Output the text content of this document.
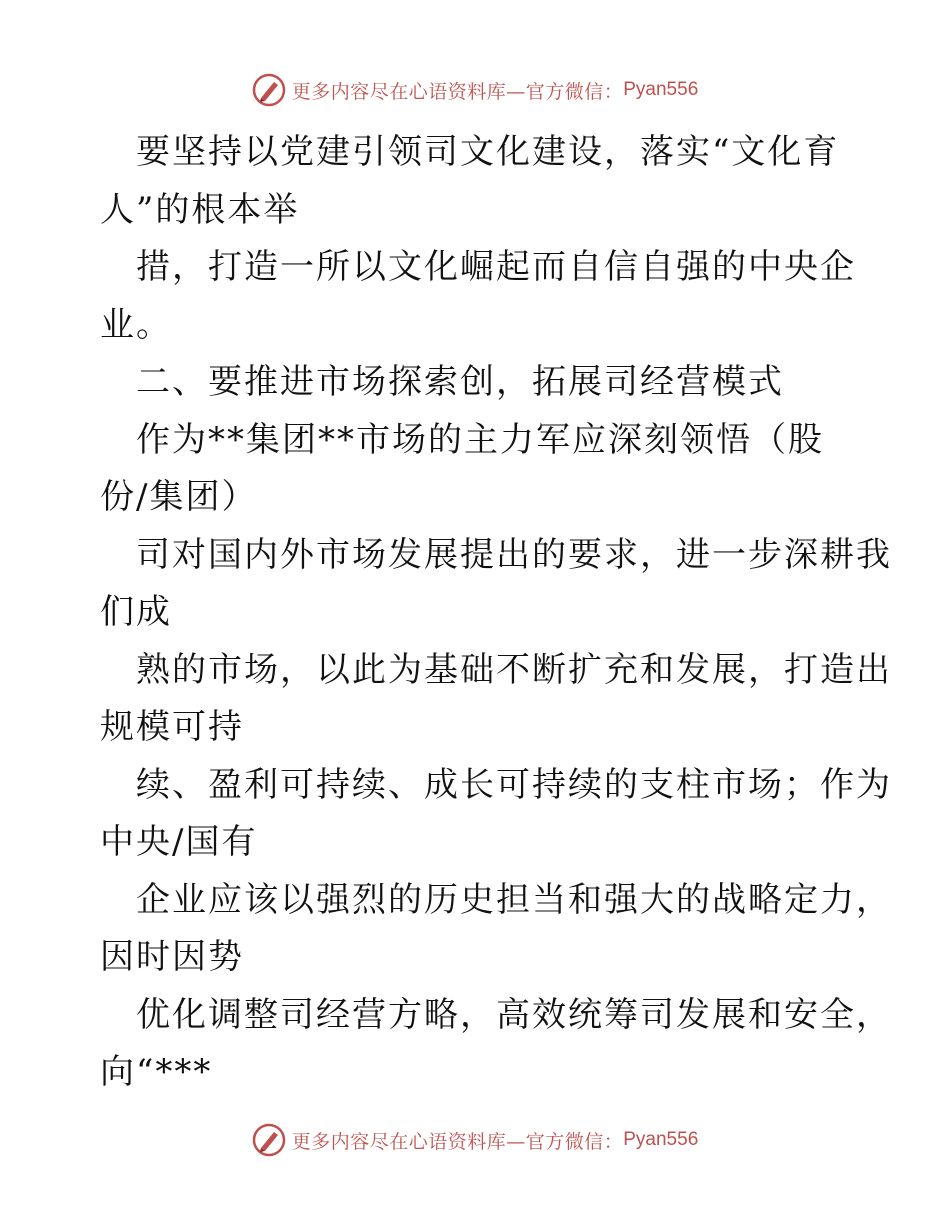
更多内容尽在心语资料库—官方微信： Pyan556
要坚持以党建引领司文化建设，落实“文化育
人”的根本举
措，打造一所以文化崛起而自信自强的中央企
业。
二、要推进市场探索创，拓展司经营模式
作为**集团**市场的主力军应深刻领悟（股
份/集团）
司对国内外市场发展提出的要求，进一步深耕我
们成
熟的市场，以此为基础不断扩充和发展，打造出
规模可持
续、盈利可持续、成长可持续的支柱市场；作为
中央/国有
企业应该以强烈的历史担当和强大的战略定力，
因时因势
优化调整司经营方略，高效统筹司发展和安全，
向“***
更多内容尽在心语资料库—官方微信： Pyan556
